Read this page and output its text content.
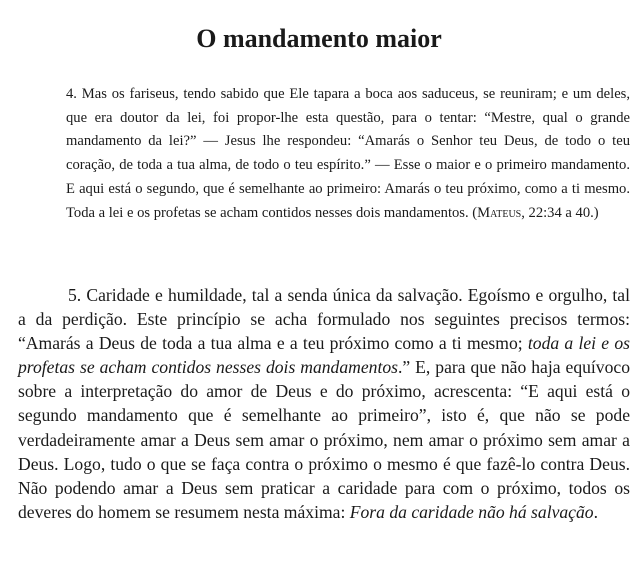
O mandamento maior

4. Mas os fariseus, tendo sabido que Ele tapara a boca aos saduceus, se reuniram; e um deles, que era doutor da lei, foi propor-lhe esta questão, para o tentar: “Mestre, qual o grande mandamento da lei?” — Jesus lhe respondeu: “Amarás o Senhor teu Deus, de todo o teu coração, de toda a tua alma, de todo o teu espírito.” — Esse o maior e o primeiro mandamento. E aqui está o segundo, que é semelhante ao primeiro: Amarás o teu próximo, como a ti mesmo. Toda a lei e os profetas se acham contidos nesses dois mandamentos. (Mateus, 22:34 a 40.)

5. Caridade e humildade, tal a senda única da salvação. Egoísmo e orgulho, tal a da perdição. Este princípio se acha formulado nos seguintes precisos termos: “Amarás a Deus de toda a tua alma e a teu próximo como a ti mesmo; toda a lei e os profetas se acham contidos nesses dois mandamentos.” E, para que não haja equívoco sobre a interpretação do amor de Deus e do próximo, acrescenta: “E aqui está o segundo mandamento que é semelhante ao primeiro”, isto é, que não se pode verdadeiramente amar a Deus sem amar o próximo, nem amar o próximo sem amar a Deus. Logo, tudo o que se faça contra o próximo o mesmo é que fazê-lo contra Deus. Não podendo amar a Deus sem praticar a caridade para com o próximo, todos os deveres do homem se resumem nesta máxima: Fora da caridade não há salvação.
